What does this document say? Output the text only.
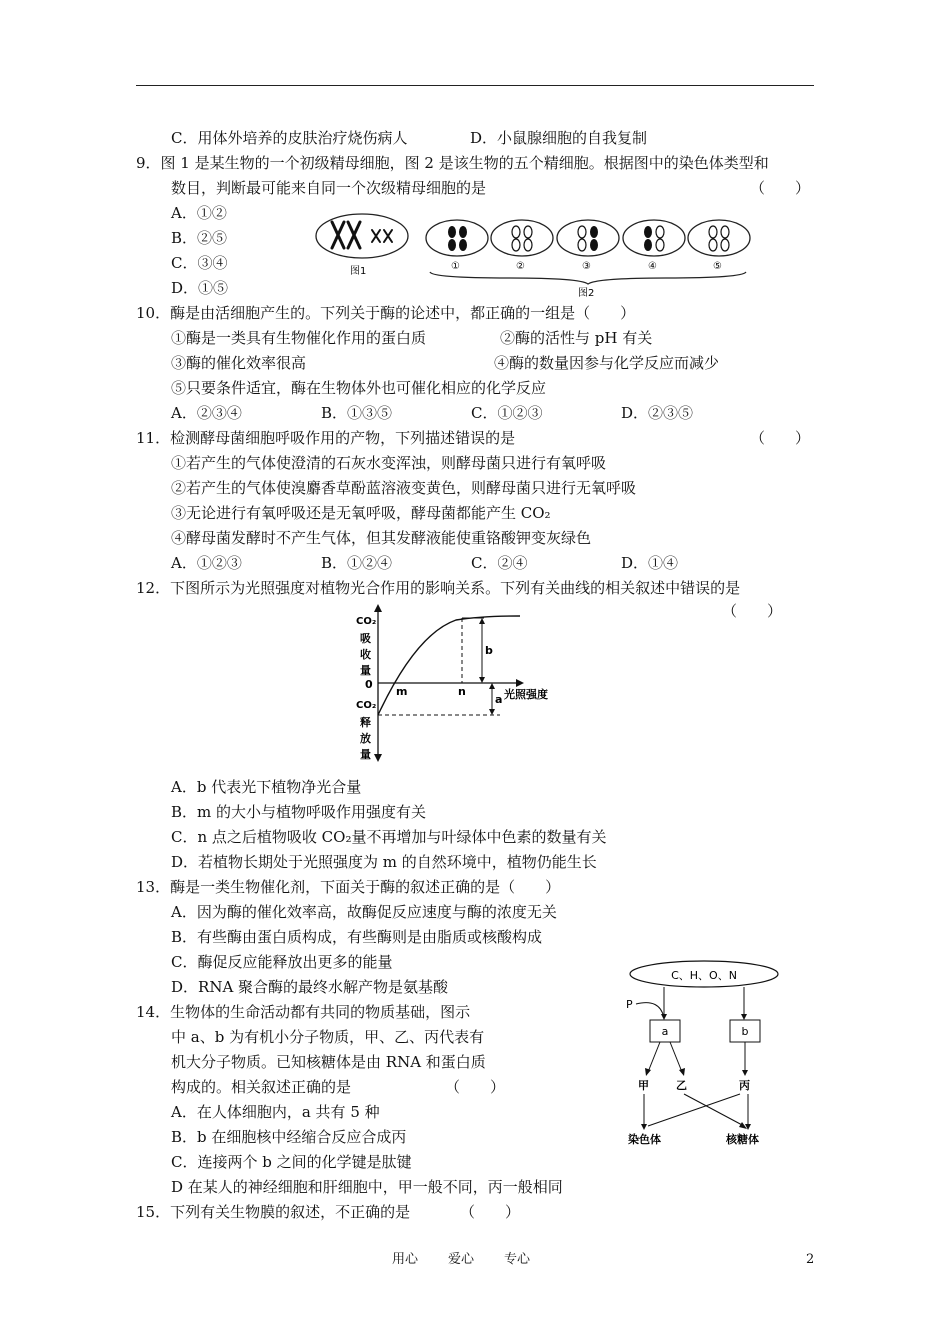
C．用体外培养的皮肤治疗烧伤病人	D．小鼠腺细胞的自我复制
9．图 1 是某生物的一个初级精母细胞，图 2 是该生物的五个精细胞。根据图中的染色体类型和
数目，判断最可能来自同一个次级精母细胞的是	（　　）
A．①②
B．②⑤
C．③④
D．①⑤
图1	①	②	③	④	⑤
图2
10．酶是由活细胞产生的。下列关于酶的论述中，都正确的一组是（　　）
①酶是一类具有生物催化作用的蛋白质	②酶的活性与 pH 有关
③酶的催化效率很高	④酶的数量因参与化学反应而减少
⑤只要条件适宜，酶在生物体外也可催化相应的化学反应
A．②③④	B．①③⑤	C．①②③	D．②③⑤
11．检测酵母菌细胞呼吸作用的产物，下列描述错误的是	（　　）
①若产生的气体使澄清的石灰水变浑浊，则酵母菌只进行有氧呼吸
②若产生的气体使溴麝香草酚蓝溶液变黄色，则酵母菌只进行无氧呼吸
③无论进行有氧呼吸还是无氧呼吸，酵母菌都能产生 CO₂
④酵母菌发酵时不产生气体，但其发酵液能使重铬酸钾变灰绿色
A．①②③	B．①②④	C．②④	D．①④
12．下图所示为光照强度对植物光合作用的影响关系。下列有关曲线的相关叙述中错误的是
（　　）
CO₂
吸
收
量
0
CO₂
释
放
量
m	n
b
a 光照强度
A．b 代表光下植物净光合量
B．m 的大小与植物呼吸作用强度有关
C．n 点之后植物吸收 CO₂量不再增加与叶绿体中色素的数量有关
D．若植物长期处于光照强度为 m 的自然环境中，植物仍能生长
13．酶是一类生物催化剂，下面关于酶的叙述正确的是（　　）
A．因为酶的催化效率高，故酶促反应速度与酶的浓度无关
B．有些酶由蛋白质构成，有些酶则是由脂质或核酸构成
C．酶促反应能释放出更多的能量
D．RNA 聚合酶的最终水解产物是氨基酸
14．生物体的生命活动都有共同的物质基础，图示
中 a、b 为有机小分子物质，甲、乙、丙代表有
机大分子物质。已知核糖体是由 RNA 和蛋白质
构成的。相关叙述正确的是	（　　）
A．在人体细胞内，a 共有 5 种
B．b 在细胞核中经缩合反应合成丙
C．连接两个 b 之间的化学键是肽键
D 在某人的神经细胞和肝细胞中，甲一般不同，丙一般相同
C、H、O、N
P
a	b
甲 乙	丙
染色体	核糖体
15．下列有关生物膜的叙述，不正确的是	（　　）
用心 爱心 专心	2
